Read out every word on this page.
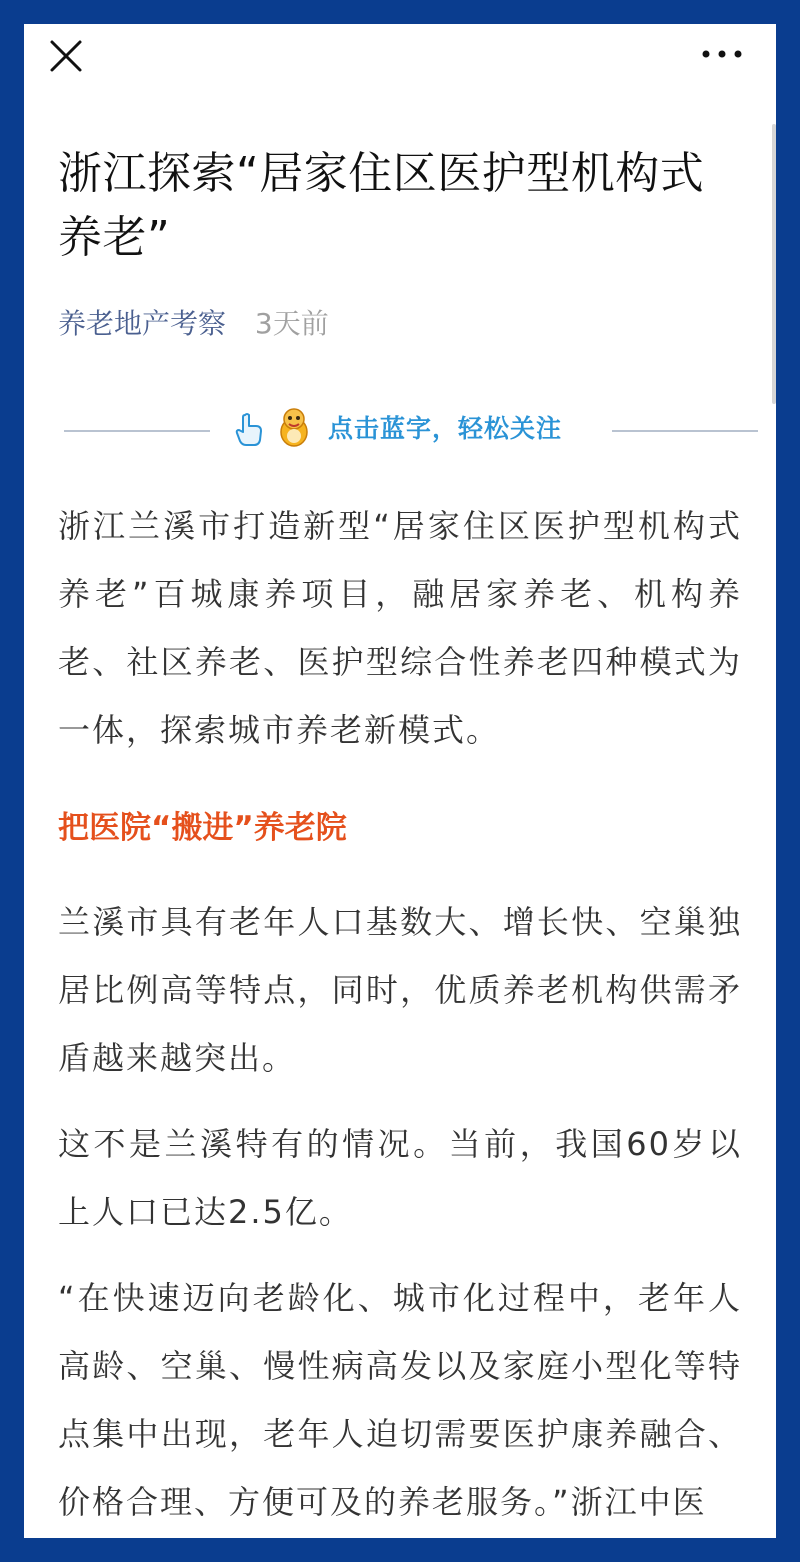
浙江探索“居家住区医护型机构式养老”
养老地产考察 3天前
点击蓝字，轻松关注

浙江兰溪市打造新型“居家住区医护型机构式养老”百城康养项目，融居家养老、机构养老、社区养老、医护型综合性养老四种模式为一体，探索城市养老新模式。

把医院“搬进”养老院

兰溪市具有老年人口基数大、增长快、空巢独居比例高等特点，同时，优质养老机构供需矛盾越来越突出。

这不是兰溪特有的情况。当前，我国60岁以上人口已达2.5亿。

“在快速迈向老龄化、城市化过程中，老年人高龄、空巢、慢性病高发以及家庭小型化等特点集中出现，老年人迫切需要医护康养融合、价格合理、方便可及的养老服务。”浙江中医
